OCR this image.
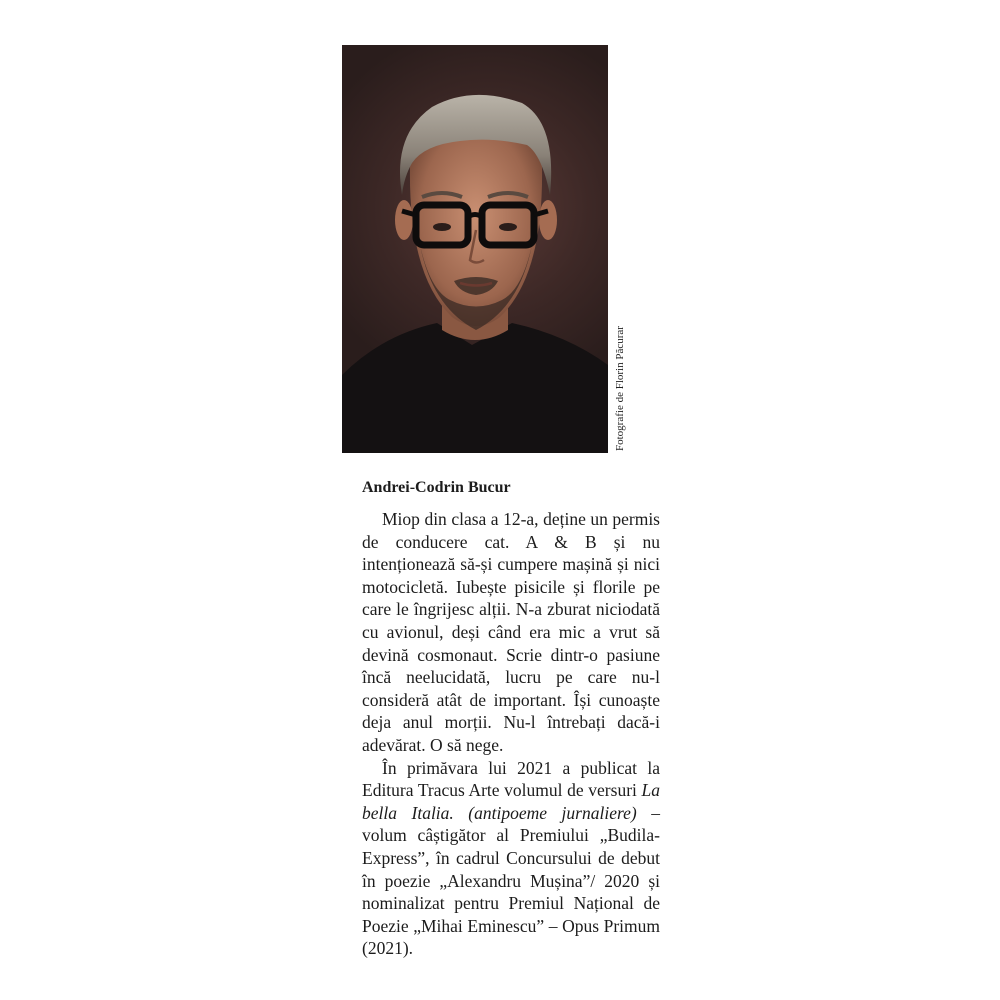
Fotografie de Florin Păcurar
Andrei-Codrin Bucur

Miop din clasa a 12-a, deține un permis de conducere cat. A & B și nu intenționează să-și cumpere mașină și nici motocicletă. Iubește pisicile și florile pe care le îngrijesc alții. N-a zburat niciodată cu avionul, deși când era mic a vrut să devină cosmonaut. Scrie dintr-o pasiune încă neelucidată, lucru pe care nu-l consideră atât de important. Își cunoaște deja anul morții. Nu-l întrebați dacă-i adevărat. O să nege.

În primăvara lui 2021 a publicat la Editura Tracus Arte volumul de versuri La bella Italia. (antipoeme jurnaliere) – volum câștigător al Premiului „Budila-Express”, în cadrul Concursului de debut în poezie „Alexandru Mușina”/ 2020 și nominalizat pentru Premiul Național de Poezie „Mihai Eminescu” – Opus Primum (2021).
